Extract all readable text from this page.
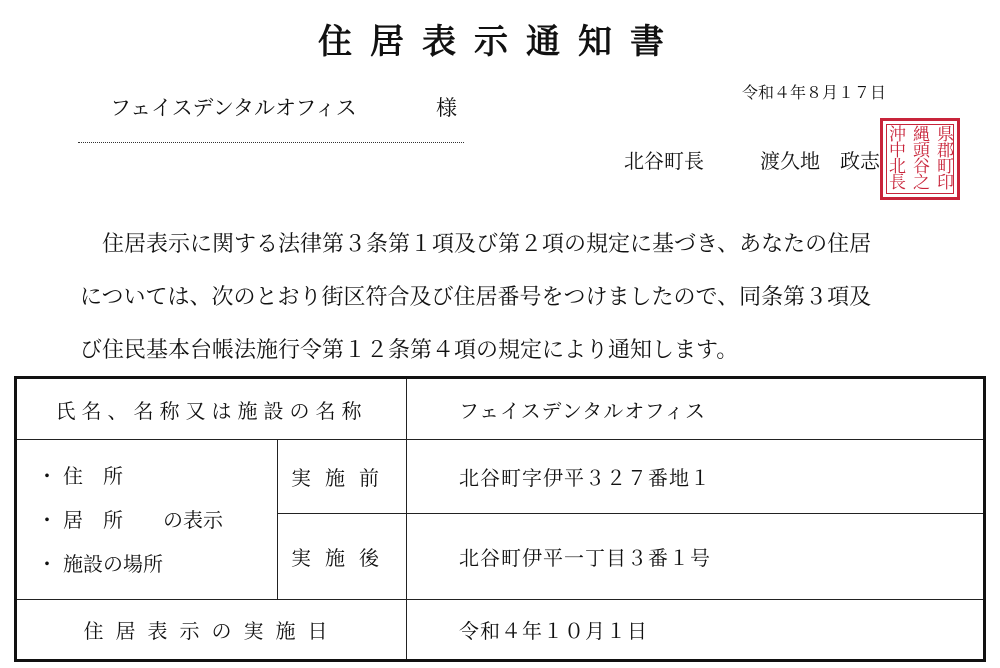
住居表示通知書
フェイスデンタルオフィス	様
令和４年８月１７日
北谷町長	渡久地　政志	県郡町印
縄頭谷之
沖中北長

住居表示に関する法律第３条第１項及び第２項の規定に基づき、あなたの住居

については、次のとおり街区符合及び住居番号をつけましたので、同条第３項及

び住民基本台帳法施行令第１２条第４項の規定により通知します。

氏名、名称又は施設の名称		フェイスデンタルオフィス

・ 住　所
・ 居　所　　の表示
・ 施設の場所	実施前	北谷町字伊平３２７番地１
	実施後	北谷町伊平一丁目３番１号
住居表示の実施日		令和４年１０月１日
